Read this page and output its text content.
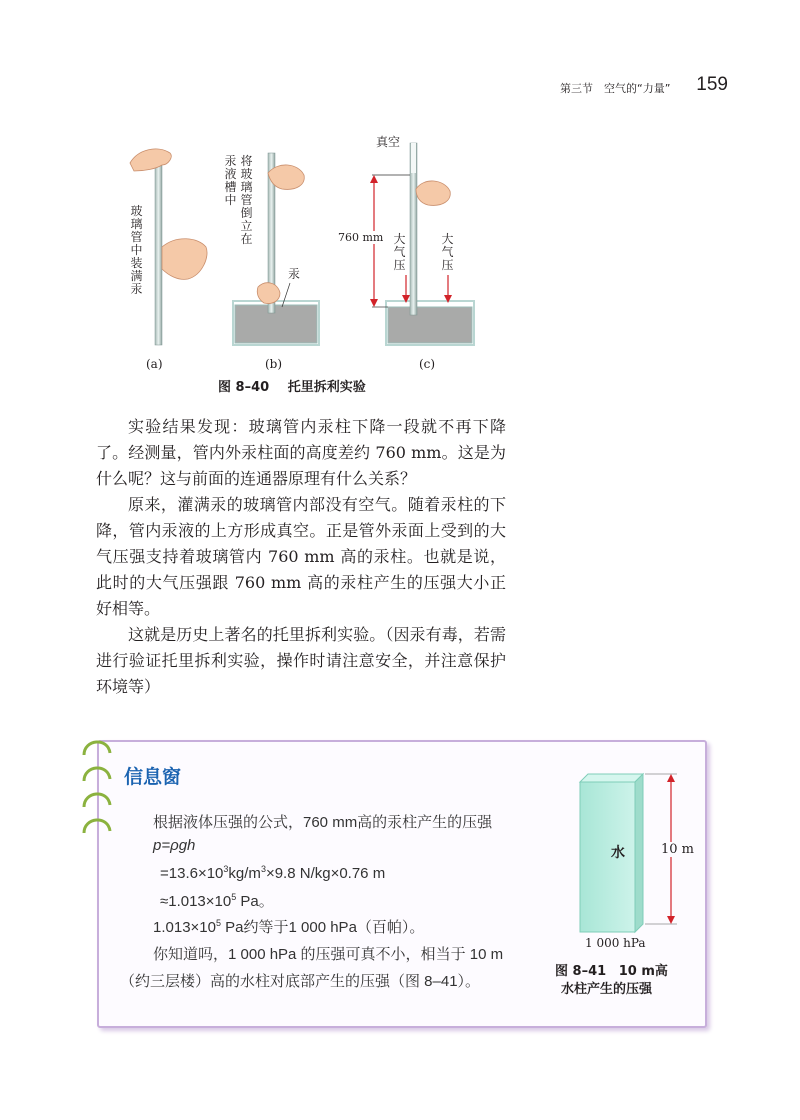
第三节　空气的“力量” 159
玻璃管中装满汞
将玻璃管倒立在
汞液槽中
汞
真空
760 mm 大气压
大气压
(a)	(b)	(c)
图 8–40 托里拆利实验

实验结果发现：玻璃管内汞柱下降一段就不再下降了。经测量，管内外汞柱面的高度差约 760 mm。这是为什么呢？这与前面的连通器原理有什么关系？

原来，灌满汞的玻璃管内部没有空气。随着汞柱的下降，管内汞液的上方形成真空。正是管外汞面上受到的大气压强支持着玻璃管内 760 mm 高的汞柱。也就是说，此时的大气压强跟 760 mm 高的汞柱产生的压强大小正好相等。

这就是历史上著名的托里拆利实验。（因汞有毒，若需进行验证托里拆利实验，操作时请注意安全，并注意保护环境等）

信息窗
根据液体压强的公式，760 mm高的汞柱产生的压强
p=ρgh
$=13.6\times 10^3kg/m^3\times 9.8$ N/kg×0.76 m
$\approx 1.013\times 10^5$ Pa。
$1.013\times 10^5$ Pa约等于1 000 hPa（百帕）。
你知道吗，1 000 hPa 的压强可真不小，相当于 10 m
（约三层楼）高的水柱对底部产生的压强（图 8–41）。
水	10 m
1 000 hPa
图 8–41 10 m高
水柱产生的压强
